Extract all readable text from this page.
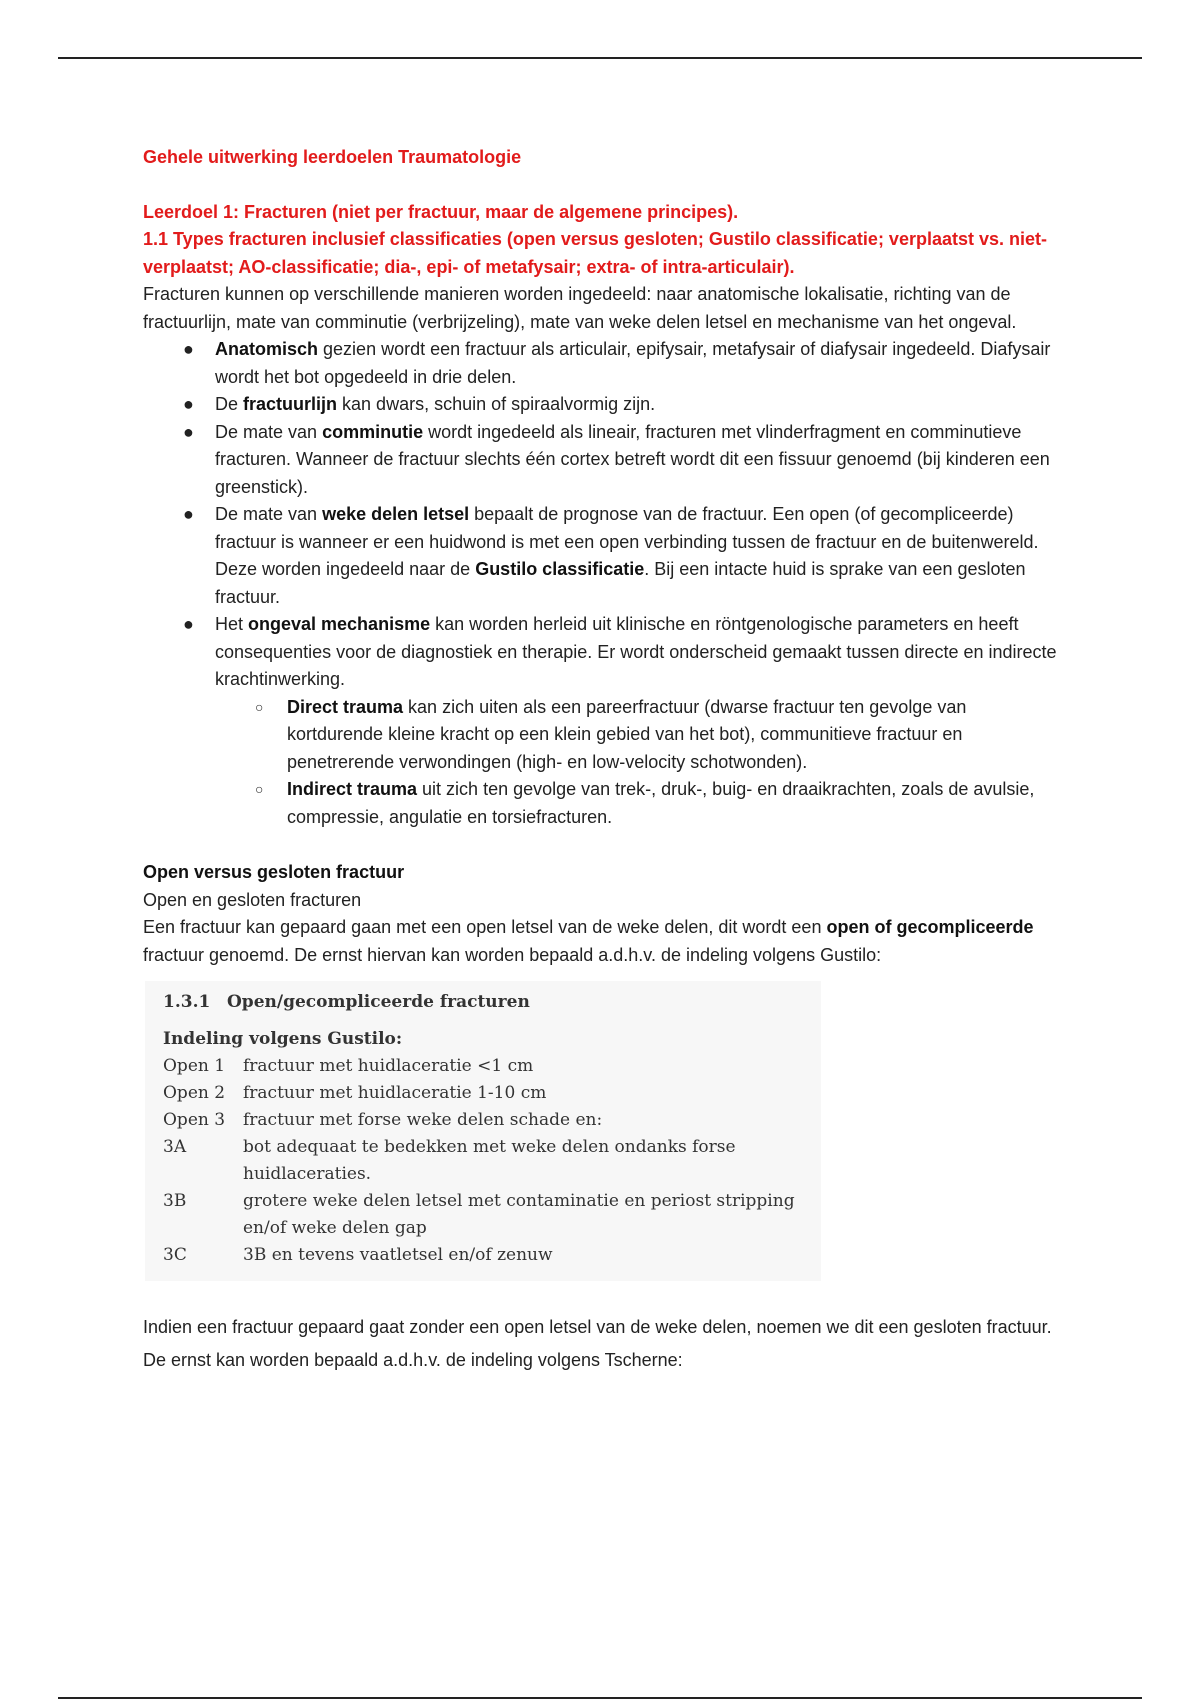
Gehele uitwerking leerdoelen Traumatologie

Leerdoel 1: Fracturen (niet per fractuur, maar de algemene principes).

1.1 Types fracturen inclusief classificaties (open versus gesloten; Gustilo classificatie; verplaatst vs. niet-verplaatst; AO-classificatie; dia-, epi- of metafysair; extra- of intra-articulair).

Fracturen kunnen op verschillende manieren worden ingedeeld: naar anatomische lokalisatie, richting van de fractuurlijn, mate van comminutie (verbrijzeling), mate van weke delen letsel en mechanisme van het ongeval.

● Anatomisch gezien wordt een fractuur als articulair, epifysair, metafysair of diafysair ingedeeld. Diafysair wordt het bot opgedeeld in drie delen.
● De fractuurlijn kan dwars, schuin of spiraalvormig zijn.
● De mate van comminutie wordt ingedeeld als lineair, fracturen met vlinderfragment en comminutieve fracturen. Wanneer de fractuur slechts één cortex betreft wordt dit een fissuur genoemd (bij kinderen een greenstick).
● De mate van weke delen letsel bepaalt de prognose van de fractuur. Een open (of gecompliceerde) fractuur is wanneer er een huidwond is met een open verbinding tussen de fractuur en de buitenwereld. Deze worden ingedeeld naar de Gustilo classificatie. Bij een intacte huid is sprake van een gesloten fractuur.
● Het ongeval mechanisme kan worden herleid uit klinische en röntgenologische parameters en heeft consequenties voor de diagnostiek en therapie. Er wordt onderscheid gemaakt tussen directe en indirecte krachtinwerking.
○ Direct trauma kan zich uiten als een pareerfractuur (dwarse fractuur ten gevolge van kortdurende kleine kracht op een klein gebied van het bot), communitieve fractuur en penetrerende verwondingen (high- en low-velocity schotwonden).
○ Indirect trauma uit zich ten gevolge van trek-, druk-, buig- en draaikrachten, zoals de avulsie, compressie, angulatie en torsiefracturen.

Open versus gesloten fractuur

Open en gesloten fracturen

Een fractuur kan gepaard gaan met een open letsel van de weke delen, dit wordt een open of gecompliceerde fractuur genoemd. De ernst hiervan kan worden bepaald a.d.h.v. de indeling volgens Gustilo:

1.3.1 Open/gecompliceerde fracturen
Indeling volgens Gustilo:
Open 1	fractuur met huidlaceratie <1 cm
Open 2	fractuur met huidlaceratie 1-10 cm
Open 3	fractuur met forse weke delen schade en:
3A	bot adequaat te bedekken met weke delen ondanks forse huidlaceraties.
3B	grotere weke delen letsel met contaminatie en periost stripping en/of weke delen gap
3C	3B en tevens vaatletsel en/of zenuw

Indien een fractuur gepaard gaat zonder een open letsel van de weke delen, noemen we dit een gesloten fractuur. De ernst kan worden bepaald a.d.h.v. de indeling volgens Tscherne:
